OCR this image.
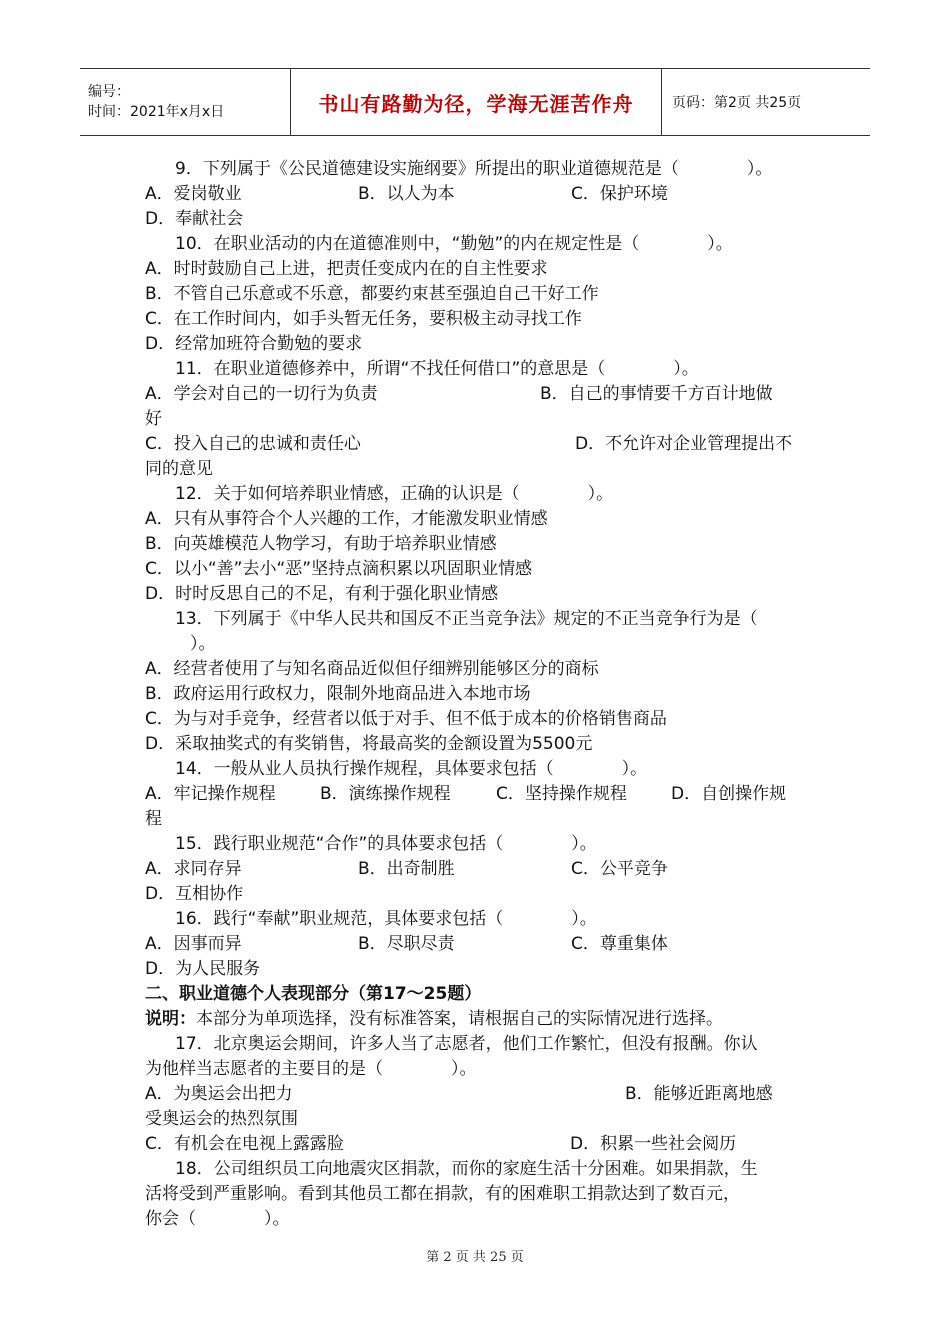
编号：
时间：2021年x月x日	书山有路勤为径，学海无涯苦作舟	页码：第2页 共25页
9．下列属于《公民道德建设实施纲要》所提出的职业道德规范是（　　　　）。
A．爱岗敬业	B．以人为本	C．保护环境
D．奉献社会
10．在职业活动的内在道德准则中，“勤勉”的内在规定性是（　　　　）。
A．时时鼓励自己上进，把责任变成内在的自主性要求
B．不管自己乐意或不乐意，都要约束甚至强迫自己干好工作
C．在工作时间内，如手头暂无任务，要积极主动寻找工作
D．经常加班符合勤勉的要求
11．在职业道德修养中，所谓“不找任何借口”的意思是（　　　　）。
A．学会对自己的一切行为负责	B．自己的事情要千方百计地做
好
C．投入自己的忠诚和责任心	D．不允许对企业管理提出不
同的意见
12．关于如何培养职业情感，正确的认识是（　　　　）。
A．只有从事符合个人兴趣的工作，才能激发职业情感
B．向英雄模范人物学习，有助于培养职业情感
C．以小“善”去小“恶”坚持点滴积累以巩固职业情感
D．时时反思自己的不足，有利于强化职业情感
13．下列属于《中华人民共和国反不正当竞争法》规定的不正当竞争行为是（
）。
A．经营者使用了与知名商品近似但仔细辨别能够区分的商标
B．政府运用行政权力，限制外地商品进入本地市场
C．为与对手竞争，经营者以低于对手、但不低于成本的价格销售商品
D．采取抽奖式的有奖销售，将最高奖的金额设置为5500元
14．一般从业人员执行操作规程，具体要求包括（　　　　）。
A．牢记操作规程	B．演练操作规程	C．坚持操作规程	D．自创操作规
程
15．践行职业规范“合作”的具体要求包括（　　　　）。
A．求同存异	B．出奇制胜	C．公平竞争
D．互相协作
16．践行“奉献”职业规范，具体要求包括（　　　　）。
A．因事而异	B．尽职尽责	C．尊重集体
D．为人民服务
二、职业道德个人表现部分（第17～25题）
说明：本部分为单项选择，没有标准答案，请根据自己的实际情况进行选择。
17．北京奥运会期间，许多人当了志愿者，他们工作繁忙，但没有报酬。你认
为他样当志愿者的主要目的是（　　　　）。
A．为奥运会出把力	B．能够近距离地感
受奥运会的热烈氛围
C．有机会在电视上露露脸	D．积累一些社会阅历
18．公司组织员工向地震灾区捐款，而你的家庭生活十分困难。如果捐款，生
活将受到严重影响。看到其他员工都在捐款，有的困难职工捐款达到了数百元，
你会（　　　　）。
第 2 页 共 25 页
